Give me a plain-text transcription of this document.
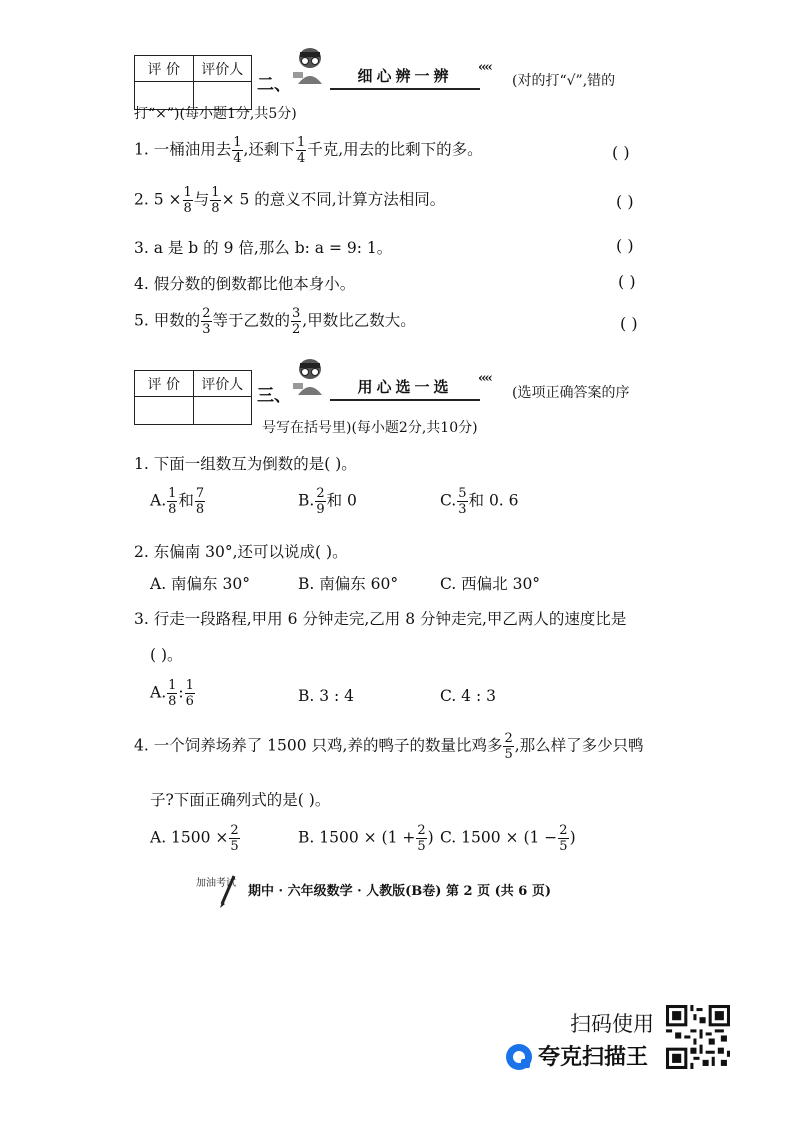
评 价	评价人
二、	细心辨一辨	‹‹‹‹
(对的打“√”,错的
打“×”)(每小题1分,共5分)
1. 一桶油用去 $\frac{1}{4}$ ,还剩下 $\frac{1}{4}$ 千克,用去的比剩下的多。	( )
2. $5 \times \frac{1}{8}$ 与 $\frac{1}{8} \times 5$ 的意义不同,计算方法相同。	( )
3. a 是 b 的 9 倍,那么 b: a = 9: 1。	( )
4. 假分数的倒数都比他本身小。	( )
5. 甲数的 $\frac{2}{3}$ 等于乙数的 $\frac{3}{2}$ ,甲数比乙数大。	( )
评 价	评价人
三、	用心选一选	‹‹‹‹
(选项正确答案的序
号写在括号里)(每小题2分,共10分)
1. 下面一组数互为倒数的是( )。
A. $\frac{1}{8}$ 和 $\frac{7}{8}$	B. $\frac{2}{9}$ 和 0	C. $\frac{5}{3}$ 和 0. 6
2. 东偏南 30°,还可以说成( )。
A. 南偏东 30°	B. 南偏东 60°	C. 西偏北 30°
3. 行走一段路程,甲用 6 分钟走完,乙用 8 分钟走完,甲乙两人的速度比是
( )。
A. $\frac{1}{8}$ : $\frac{1}{6}$	B. 3 : 4	C. 4 : 3
4. 一个饲养场养了 1500 只鸡,养的鸭子的数量比鸡多 $\frac{2}{5}$ ,那么样了多少只鸭
子?下面正确列式的是( )。
A. $1500 \times \frac{2}{5}$	B. $1500 \times (1 + \frac{2}{5}$ ) C. $1500 \times (1 - \frac{2}{5}$ )
加油考试
期中 · 六年级数学 · 人教版(B卷) 第 2 页 (共 6 页)
扫码使用
夸克扫描王
